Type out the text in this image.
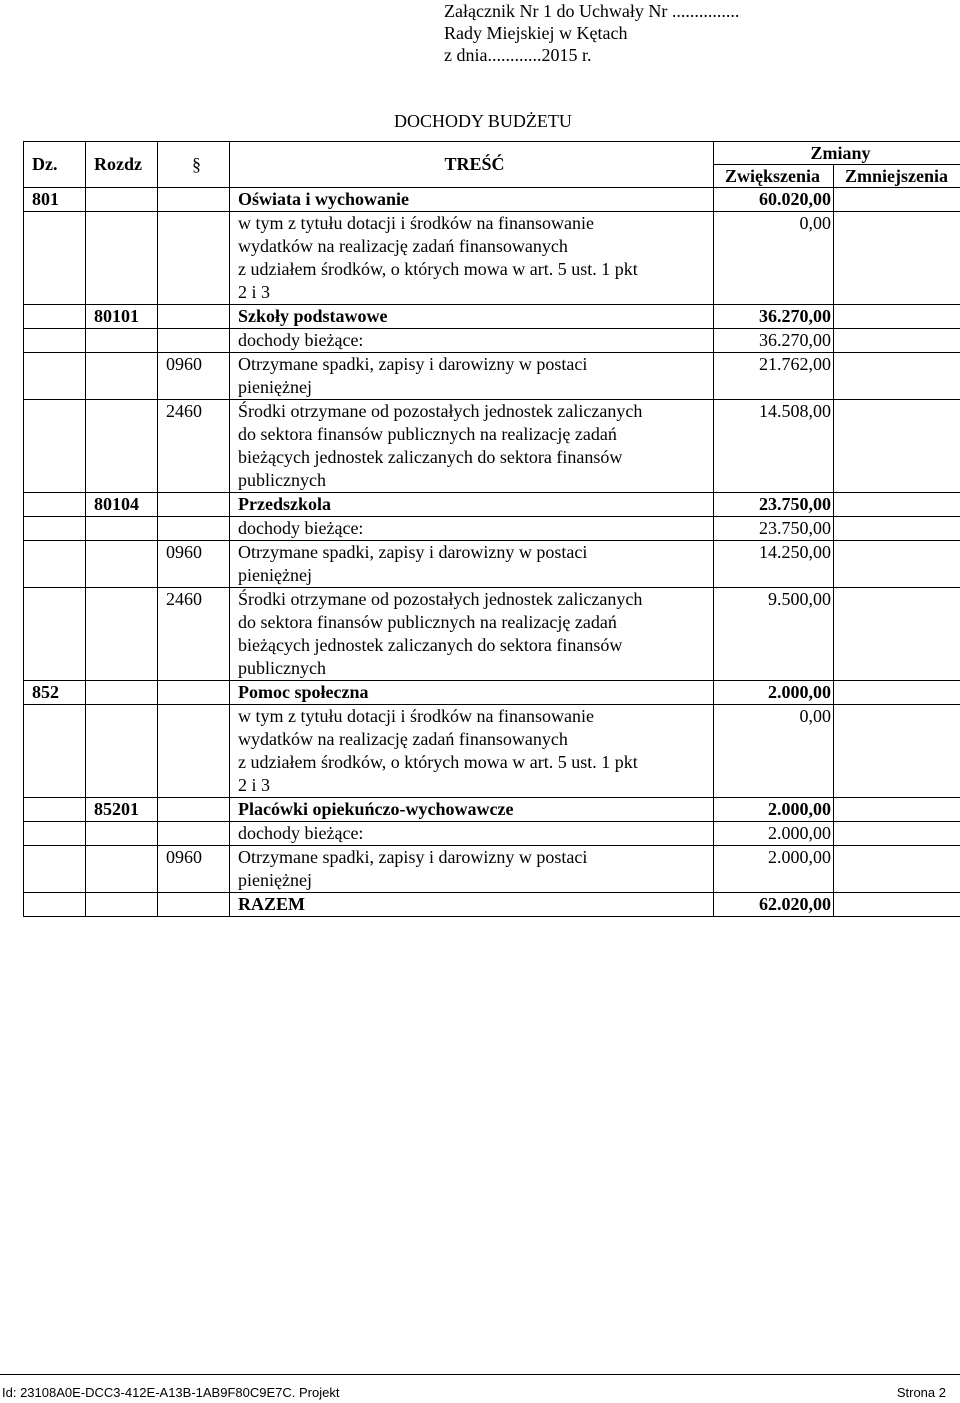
Załącznik Nr 1 do Uchwały Nr ...............
Rady Miejskiej w Kętach
z dnia............2015 r.
DOCHODY BUDŻETU
Dz.	Rozdz	§	TREŚĆ	Zmiany	
				Zwiększenia	Zmniejszenia
801			Oświata i wychowanie	60.020,00	
			w tym z tytułu dotacji i środków na finansowanie
wydatków na realizację zadań finansowanych
z udziałem środków, o których mowa w art. 5 ust. 1 pkt
2 i 3	0,00	
	80101		Szkoły podstawowe	36.270,00	
			dochody bieżące:	36.270,00	
		0960	Otrzymane spadki, zapisy i darowizny w postaci
pieniężnej	21.762,00	
		2460	Środki otrzymane od pozostałych jednostek zaliczanych
do sektora finansów publicznych na realizację zadań
bieżących jednostek zaliczanych do sektora finansów
publicznych	14.508,00	
	80104		Przedszkola	23.750,00	
			dochody bieżące:	23.750,00	
		0960	Otrzymane spadki, zapisy i darowizny w postaci
pieniężnej	14.250,00	
		2460	Środki otrzymane od pozostałych jednostek zaliczanych
do sektora finansów publicznych na realizację zadań
bieżących jednostek zaliczanych do sektora finansów
publicznych	9.500,00	
852			Pomoc społeczna	2.000,00	
			w tym z tytułu dotacji i środków na finansowanie
wydatków na realizację zadań finansowanych
z udziałem środków, o których mowa w art. 5 ust. 1 pkt
2 i 3	0,00	
	85201		Placówki opiekuńczo-wychowawcze	2.000,00	
			dochody bieżące:	2.000,00	
		0960	Otrzymane spadki, zapisy i darowizny w postaci
pieniężnej	2.000,00	
			RAZEM	62.020,00	
Id: 23108A0E-DCC3-412E-A13B-1AB9F80C9E7C. Projekt	Strona 2
